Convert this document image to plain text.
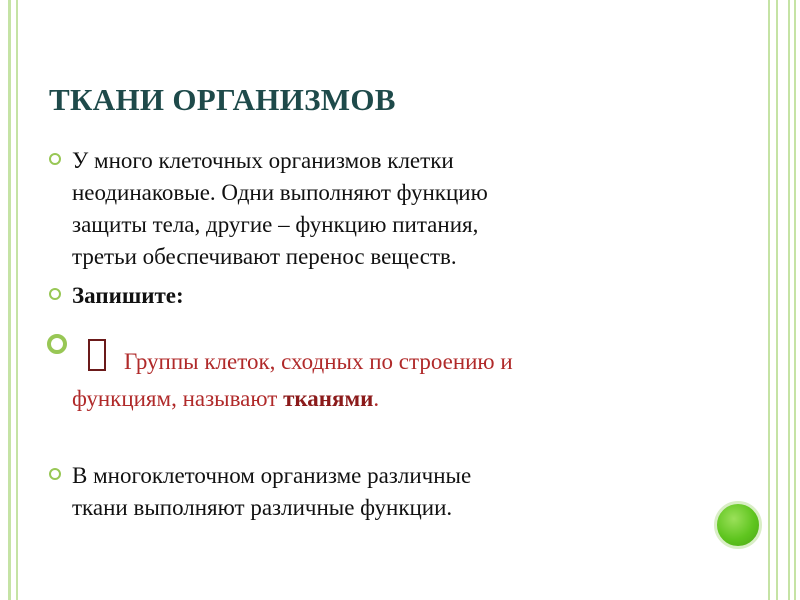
ТКАНИ ОРГАНИЗМОВ
У много клеточных организмов клетки
неодинаковые. Одни выполняют функцию
защиты тела, другие – функцию питания,
третьи обеспечивают перенос веществ.
Запишите:
Группы клеток, сходных по строению и
функциям, называют тканями.
В многоклеточном организме различные
ткани выполняют различные функции.
